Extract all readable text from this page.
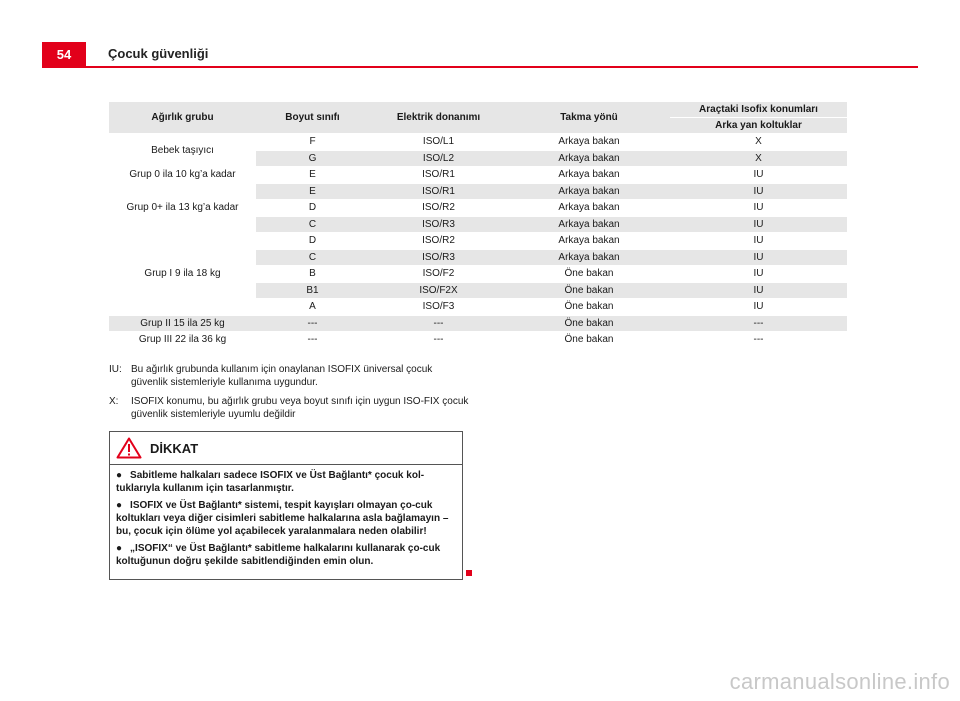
54	Çocuk güvenliği
Ağırlık grubu	Boyut sınıfı	Elektrik donanımı	Takma yönü	Araçtaki Isofix konumları
				Arka yan koltuklar
Bebek taşıyıcı	F	ISO/L1	Arkaya bakan	X
	G	ISO/L2	Arkaya bakan	X
Grup 0 ila 10 kg’a kadar	E	ISO/R1	Arkaya bakan	IU
Grup 0+ ila 13 kg’a kadar	E	ISO/R1	Arkaya bakan	IU
	D	ISO/R2	Arkaya bakan	IU
	C	ISO/R3	Arkaya bakan	IU
Grup I 9 ila 18 kg	D	ISO/R2	Arkaya bakan	IU
	C	ISO/R3	Arkaya bakan	IU
	B	ISO/F2	Öne bakan	IU
	B1	ISO/F2X	Öne bakan	IU
	A	ISO/F3	Öne bakan	IU
Grup II 15 ila 25 kg	---	---	Öne bakan	---
Grup III 22 ila 36 kg	---	---	Öne bakan	---
IU: Bu ağırlık grubunda kullanım için onaylanan ISOFIX üniversal çocuk güvenlik sistemleriyle kullanıma uygundur.
X:	ISOFIX konumu, bu ağırlık grubu veya boyut sınıfı için uygun ISO-FIX çocuk güvenlik sistemleriyle uyumlu değildir
DİKKAT

● Sabitleme halkaları sadece ISOFIX ve Üst Bağlantı* çocuk kol-tuklarıyla kullanım için tasarlanmıştır.

● ISOFIX ve Üst Bağlantı* sistemi, tespit kayışları olmayan ço-cuk koltukları veya diğer cisimleri sabitleme halkalarına asla bağlamayın – bu, çocuk için ölüme yol açabilecek yaralanmalara neden olabilir!

● „ISOFIX“ ve Üst Bağlantı* sabitleme halkalarını kullanarak ço-cuk koltuğunun doğru şekilde sabitlendiğinden emin olun.

carmanualsonline.info
